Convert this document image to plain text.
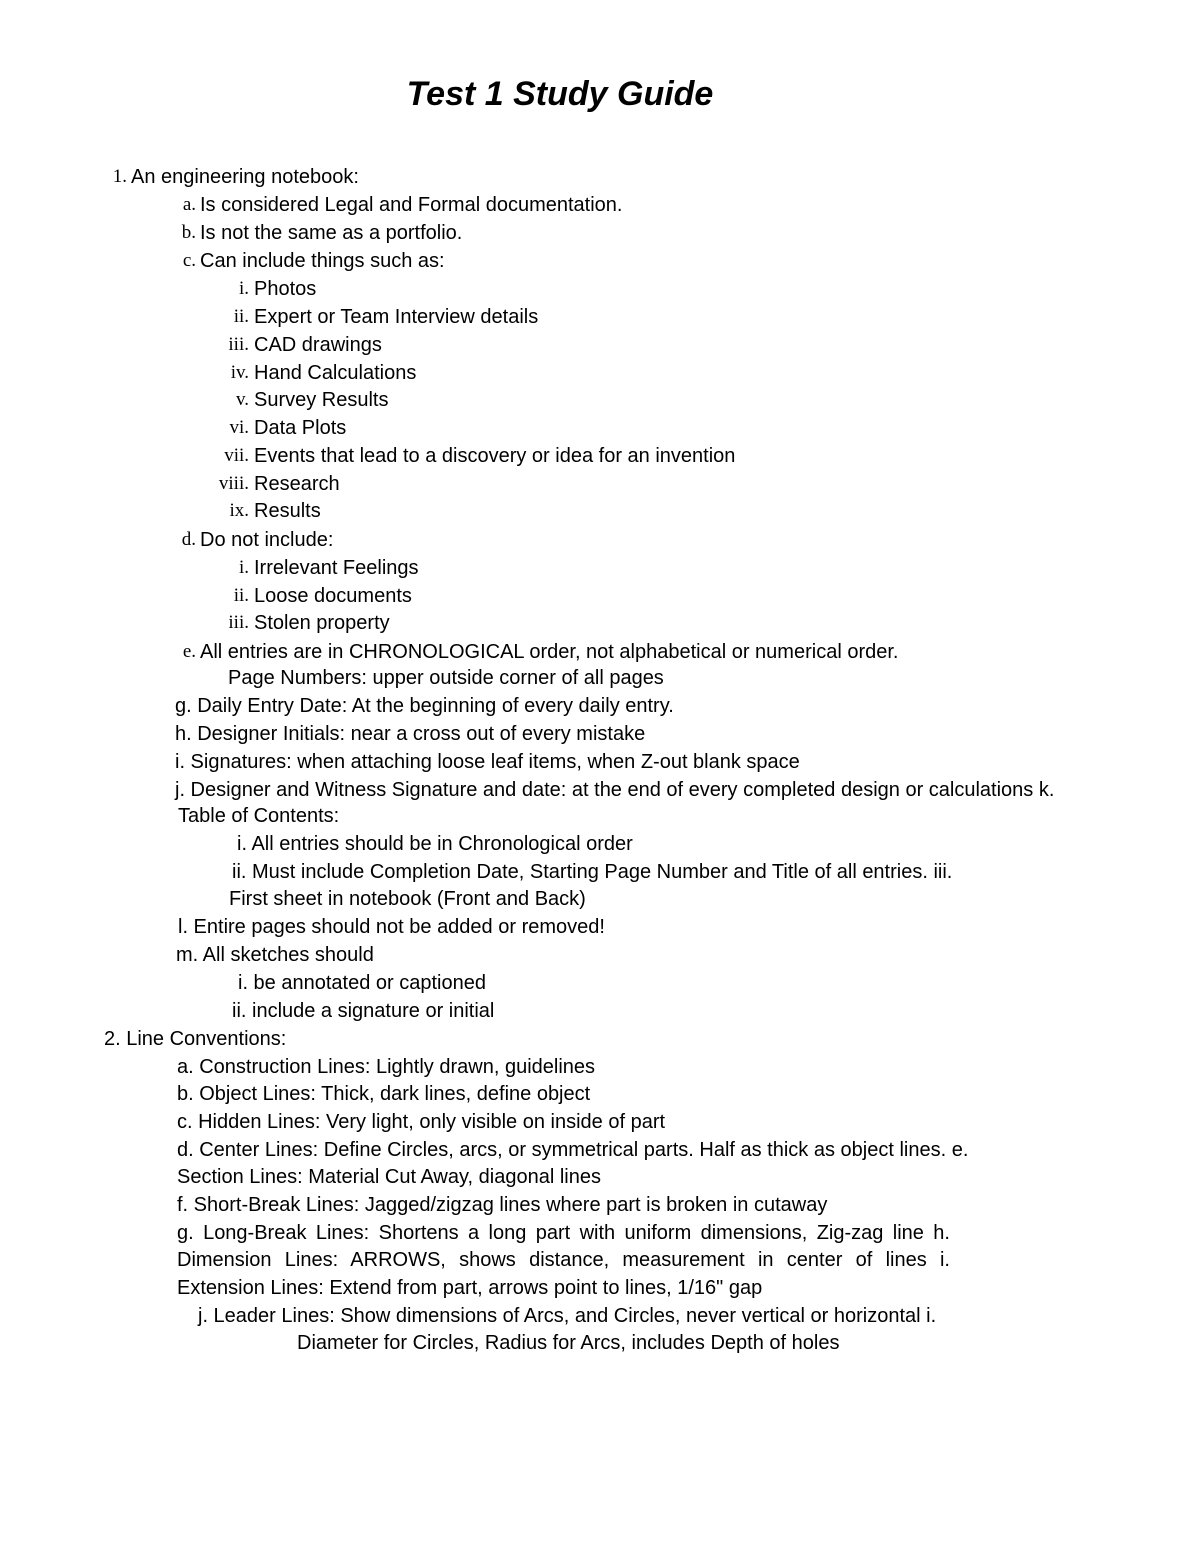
Test 1 Study Guide
1. An engineering notebook:
a. Is considered Legal and Formal documentation.
b. Is not the same as a portfolio.
c. Can include things such as:
i. Photos
ii. Expert or Team Interview details
iii. CAD drawings
iv. Hand Calculations
v. Survey Results
vi. Data Plots
vii. Events that lead to a discovery or idea for an invention
viii. Research
ix. Results
d. Do not include:
i. Irrelevant Feelings
ii. Loose documents
iii. Stolen property
e. All entries are in CHRONOLOGICAL order, not alphabetical or numerical order.
Page Numbers: upper outside corner of all pages
g. Daily Entry Date: At the beginning of every daily entry.
h. Designer Initials: near a cross out of every mistake
i. Signatures: when attaching loose leaf items, when Z-out blank space
j. Designer and Witness Signature and date: at the end of every completed design or calculations k.
Table of Contents:
i. All entries should be in Chronological order
ii. Must include Completion Date, Starting Page Number and Title of all entries. iii.
First sheet in notebook (Front and Back)
l. Entire pages should not be added or removed!
m. All sketches should
i. be annotated or captioned
ii. include a signature or initial
2. Line Conventions:
a. Construction Lines: Lightly drawn, guidelines
b. Object Lines: Thick, dark lines, define object
c. Hidden Lines: Very light, only visible on inside of part
d. Center Lines: Define Circles, arcs, or symmetrical parts. Half as thick as object lines. e.
Section Lines: Material Cut Away, diagonal lines
f. Short-Break Lines: Jagged/zigzag lines where part is broken in cutaway
g. Long-Break Lines: Shortens a long part with uniform dimensions, Zig-zag line h.
Dimension Lines: ARROWS, shows distance, measurement in center of lines i.
Extension Lines: Extend from part, arrows point to lines, 1/16" gap
j. Leader Lines: Show dimensions of Arcs, and Circles, never vertical or horizontal i.
Diameter for Circles, Radius for Arcs, includes Depth of holes
